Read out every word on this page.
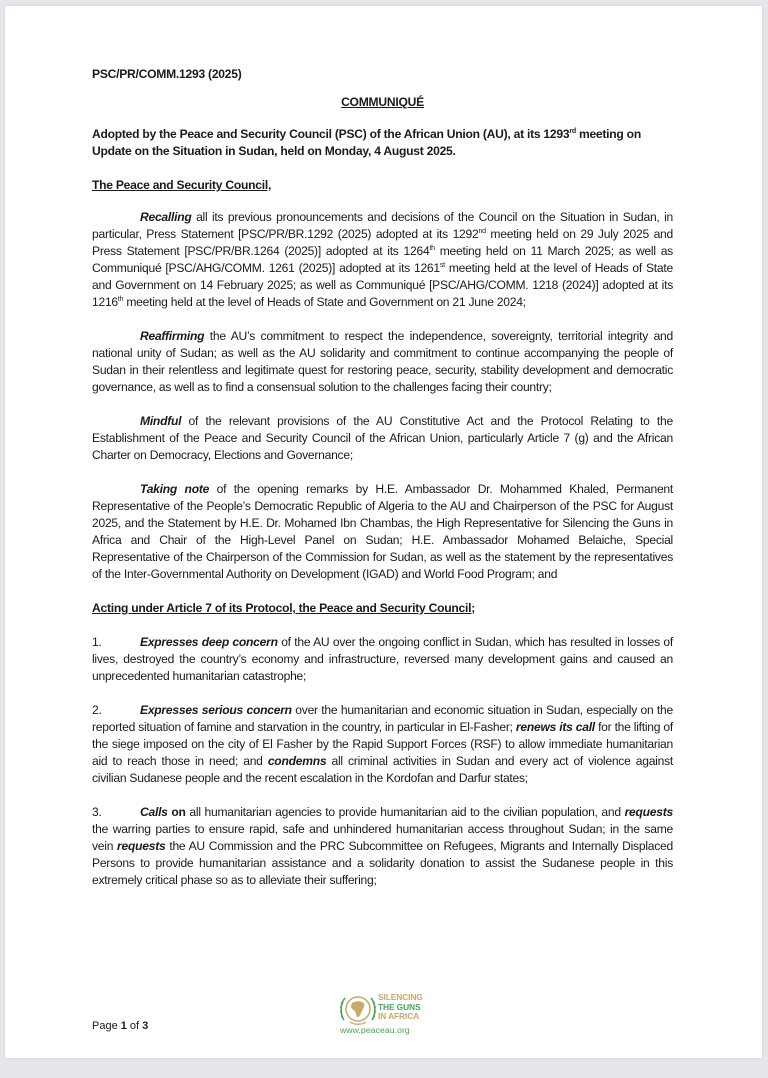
PSC/PR/COMM.1293 (2025)

COMMUNIQUÉ

Adopted by the Peace and Security Council (PSC) of the African Union (AU), at its 1293rd meeting on Update on the Situation in Sudan, held on Monday, 4 August 2025.

The Peace and Security Council,

Recalling all its previous pronouncements and decisions of the Council on the Situation in Sudan, in particular, Press Statement [PSC/PR/BR.1292 (2025) adopted at its 1292nd meeting held on 29 July 2025 and Press Statement [PSC/PR/BR.1264 (2025)] adopted at its 1264th meeting held on 11 March 2025; as well as Communiqué [PSC/AHG/COMM. 1261 (2025)] adopted at its 1261st meeting held at the level of Heads of State and Government on 14 February 2025; as well as Communiqué [PSC/AHG/COMM. 1218 (2024)] adopted at its 1216th meeting held at the level of Heads of State and Government on 21 June 2024;

Reaffirming the AU’s commitment to respect the independence, sovereignty, territorial integrity and national unity of Sudan; as well as the AU solidarity and commitment to continue accompanying the people of Sudan in their relentless and legitimate quest for restoring peace, security, stability development and democratic governance, as well as to find a consensual solution to the challenges facing their country;

Mindful of the relevant provisions of the AU Constitutive Act and the Protocol Relating to the Establishment of the Peace and Security Council of the African Union, particularly Article 7 (g) and the African Charter on Democracy, Elections and Governance;

Taking note of the opening remarks by H.E. Ambassador Dr. Mohammed Khaled, Permanent Representative of the People’s Democratic Republic of Algeria to the AU and Chairperson of the PSC for August 2025, and the Statement by H.E. Dr. Mohamed Ibn Chambas, the High Representative for Silencing the Guns in Africa and Chair of the High-Level Panel on Sudan; H.E. Ambassador Mohamed Belaiche, Special Representative of the Chairperson of the Commission for Sudan, as well as the statement by the representatives of the Inter-Governmental Authority on Development (IGAD) and World Food Program; and

Acting under Article 7 of its Protocol, the Peace and Security Council;

1.	Expresses deep concern of the AU over the ongoing conflict in Sudan, which has resulted in losses of lives, destroyed the country’s economy and infrastructure, reversed many development gains and caused an unprecedented humanitarian catastrophe;

2.	Expresses serious concern over the humanitarian and economic situation in Sudan, especially on the reported situation of famine and starvation in the country, in particular in El-Fasher; renews its call for the lifting of the siege imposed on the city of El Fasher by the Rapid Support Forces (RSF) to allow immediate humanitarian aid to reach those in need; and condemns all criminal activities in Sudan and every act of violence against civilian Sudanese people and the recent escalation in the Kordofan and Darfur states;

3.	Calls on all humanitarian agencies to provide humanitarian aid to the civilian population, and requests the warring parties to ensure rapid, safe and unhindered humanitarian access throughout Sudan; in the same vein requests the AU Commission and the PRC Subcommittee on Refugees, Migrants and Internally Displaced Persons to provide humanitarian assistance and a solidarity donation to assist the Sudanese people in this extremely critical phase so as to alleviate their suffering;

Page 1 of 3
SILENCING
THE GUNS
IN AFRICA
www.peaceau.org
